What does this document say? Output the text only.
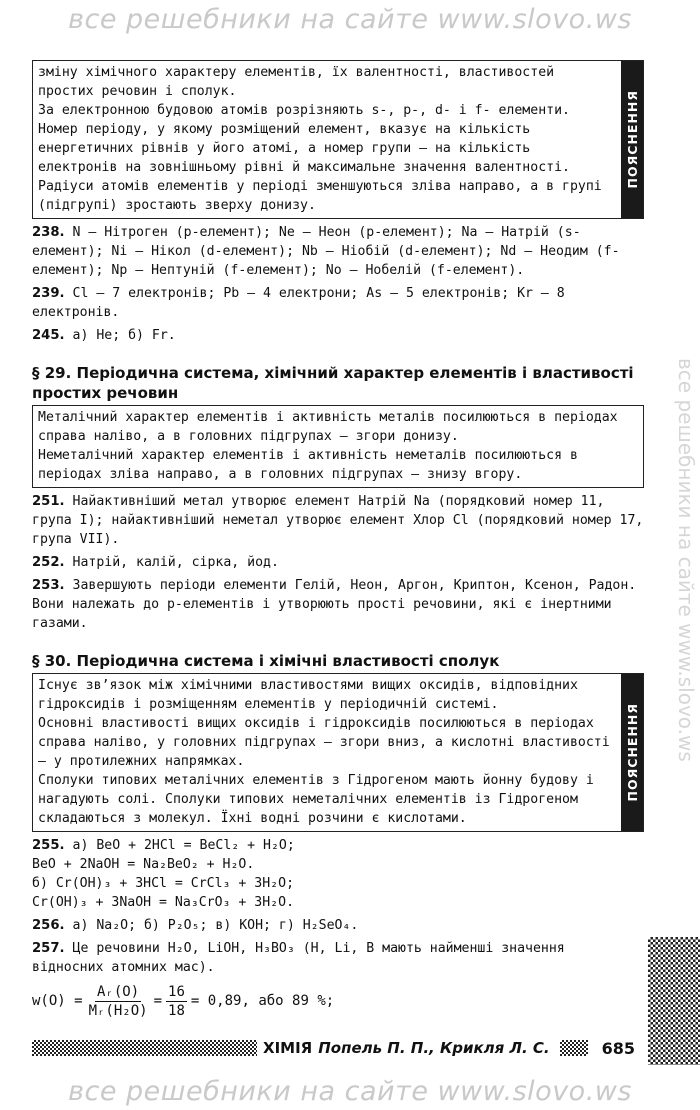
все решебники на сайте www.slovo.ws
все решебники на сайте www.slovo.ws

зміну хімічного характеру елементів, їх валентності, властивостей простих речовин і сполук.

За електронною будовою атомів розрізняють s-, p-, d- і f- елементи.

Номер періоду, у якому розміщений елемент, вказує на кількість енергетичних рівнів у його атомі, а номер групи — на кількість електронів на зовнішньому рівні й максимальне значення валентності.

Радіуси атомів елементів у періоді зменшуються зліва направо, а в групі (підгрупі) зростають зверху донизу.

ПОЯСНЕННЯ
238. N — Нітроген (p-елемент); Ne — Неон (p-елемент); Na — Натрій (s-елемент); Ni — Нікол (d-елемент); Nb — Ніобій (d-елемент); Nd — Неодим (f-елемент); Np — Нептуній (f-елемент); No — Нобелій (f-елемент).
239. Cl — 7 електронів; Pb — 4 електрони; As — 5 електронів; Kr — 8 електронів.
245. а) He; б) Fr.
§ 29. Періодична система, хімічний характер елементів і властивості простих речовин

Металічний характер елементів і активність металів посилюються в періодах справа наліво, а в головних підгрупах — згори донизу.

Неметалічний характер елементів і активність неметалів посилюються в періодах зліва направо, а в головних підгрупах — знизу вгору.

251. Найактивніший метал утворює елемент Натрій Na (порядковий номер 11, група I); найактивніший неметал утворює елемент Хлор Cl (порядковий номер 17, група VII).
252. Натрій, калій, сірка, йод.
253. Завершують періоди елементи Гелій, Неон, Аргон, Криптон, Ксенон, Радон. Вони належать до p-елементів і утворюють прості речовини, які є інертними газами.
§ 30. Періодична система і хімічні властивості сполук

Існує зв’язок між хімічними властивостями вищих оксидів, відповідних гідроксидів і розміщенням елементів у періодичній системі.

Основні властивості вищих оксидів і гідроксидів посилюються в періодах справа наліво, у головних підгрупах — згори вниз, а кислотні властивості — у протилежних напрямках.

Сполуки типових металічних елементів з Гідрогеном мають йонну будову і нагадують солі. Сполуки типових неметалічних елементів із Гідрогеном складаються з молекул. Їхні водні розчини є кислотами.

ПОЯСНЕННЯ
255. а) BeO + 2HCl = BeCl₂ + H₂O;
BeO + 2NaOH = Na₂BeO₂ + H₂O.
б) Cr(OH)₃ + 3HCl = CrCl₃ + 3H₂O;
Cr(OH)₃ + 3NaOH = Na₃CrO₃ + 3H₂O.
256. а) Na₂O; б) P₂O₅; в) KOH; г) H₂SeO₄.
257. Це речовини H₂O, LiOH, H₃BO₃ (H, Li, B мають найменші значення відносних атомних мас).
$w(O) = \frac{\text{Aᵣ(O)}}{\text{Mᵣ(H₂O)}} = \frac{16}{18} = 0,89$, або 89 %;
ХІМІЯ Попель П. П., Крикля Л. С.	685
все решебники на сайте www.slovo.ws
